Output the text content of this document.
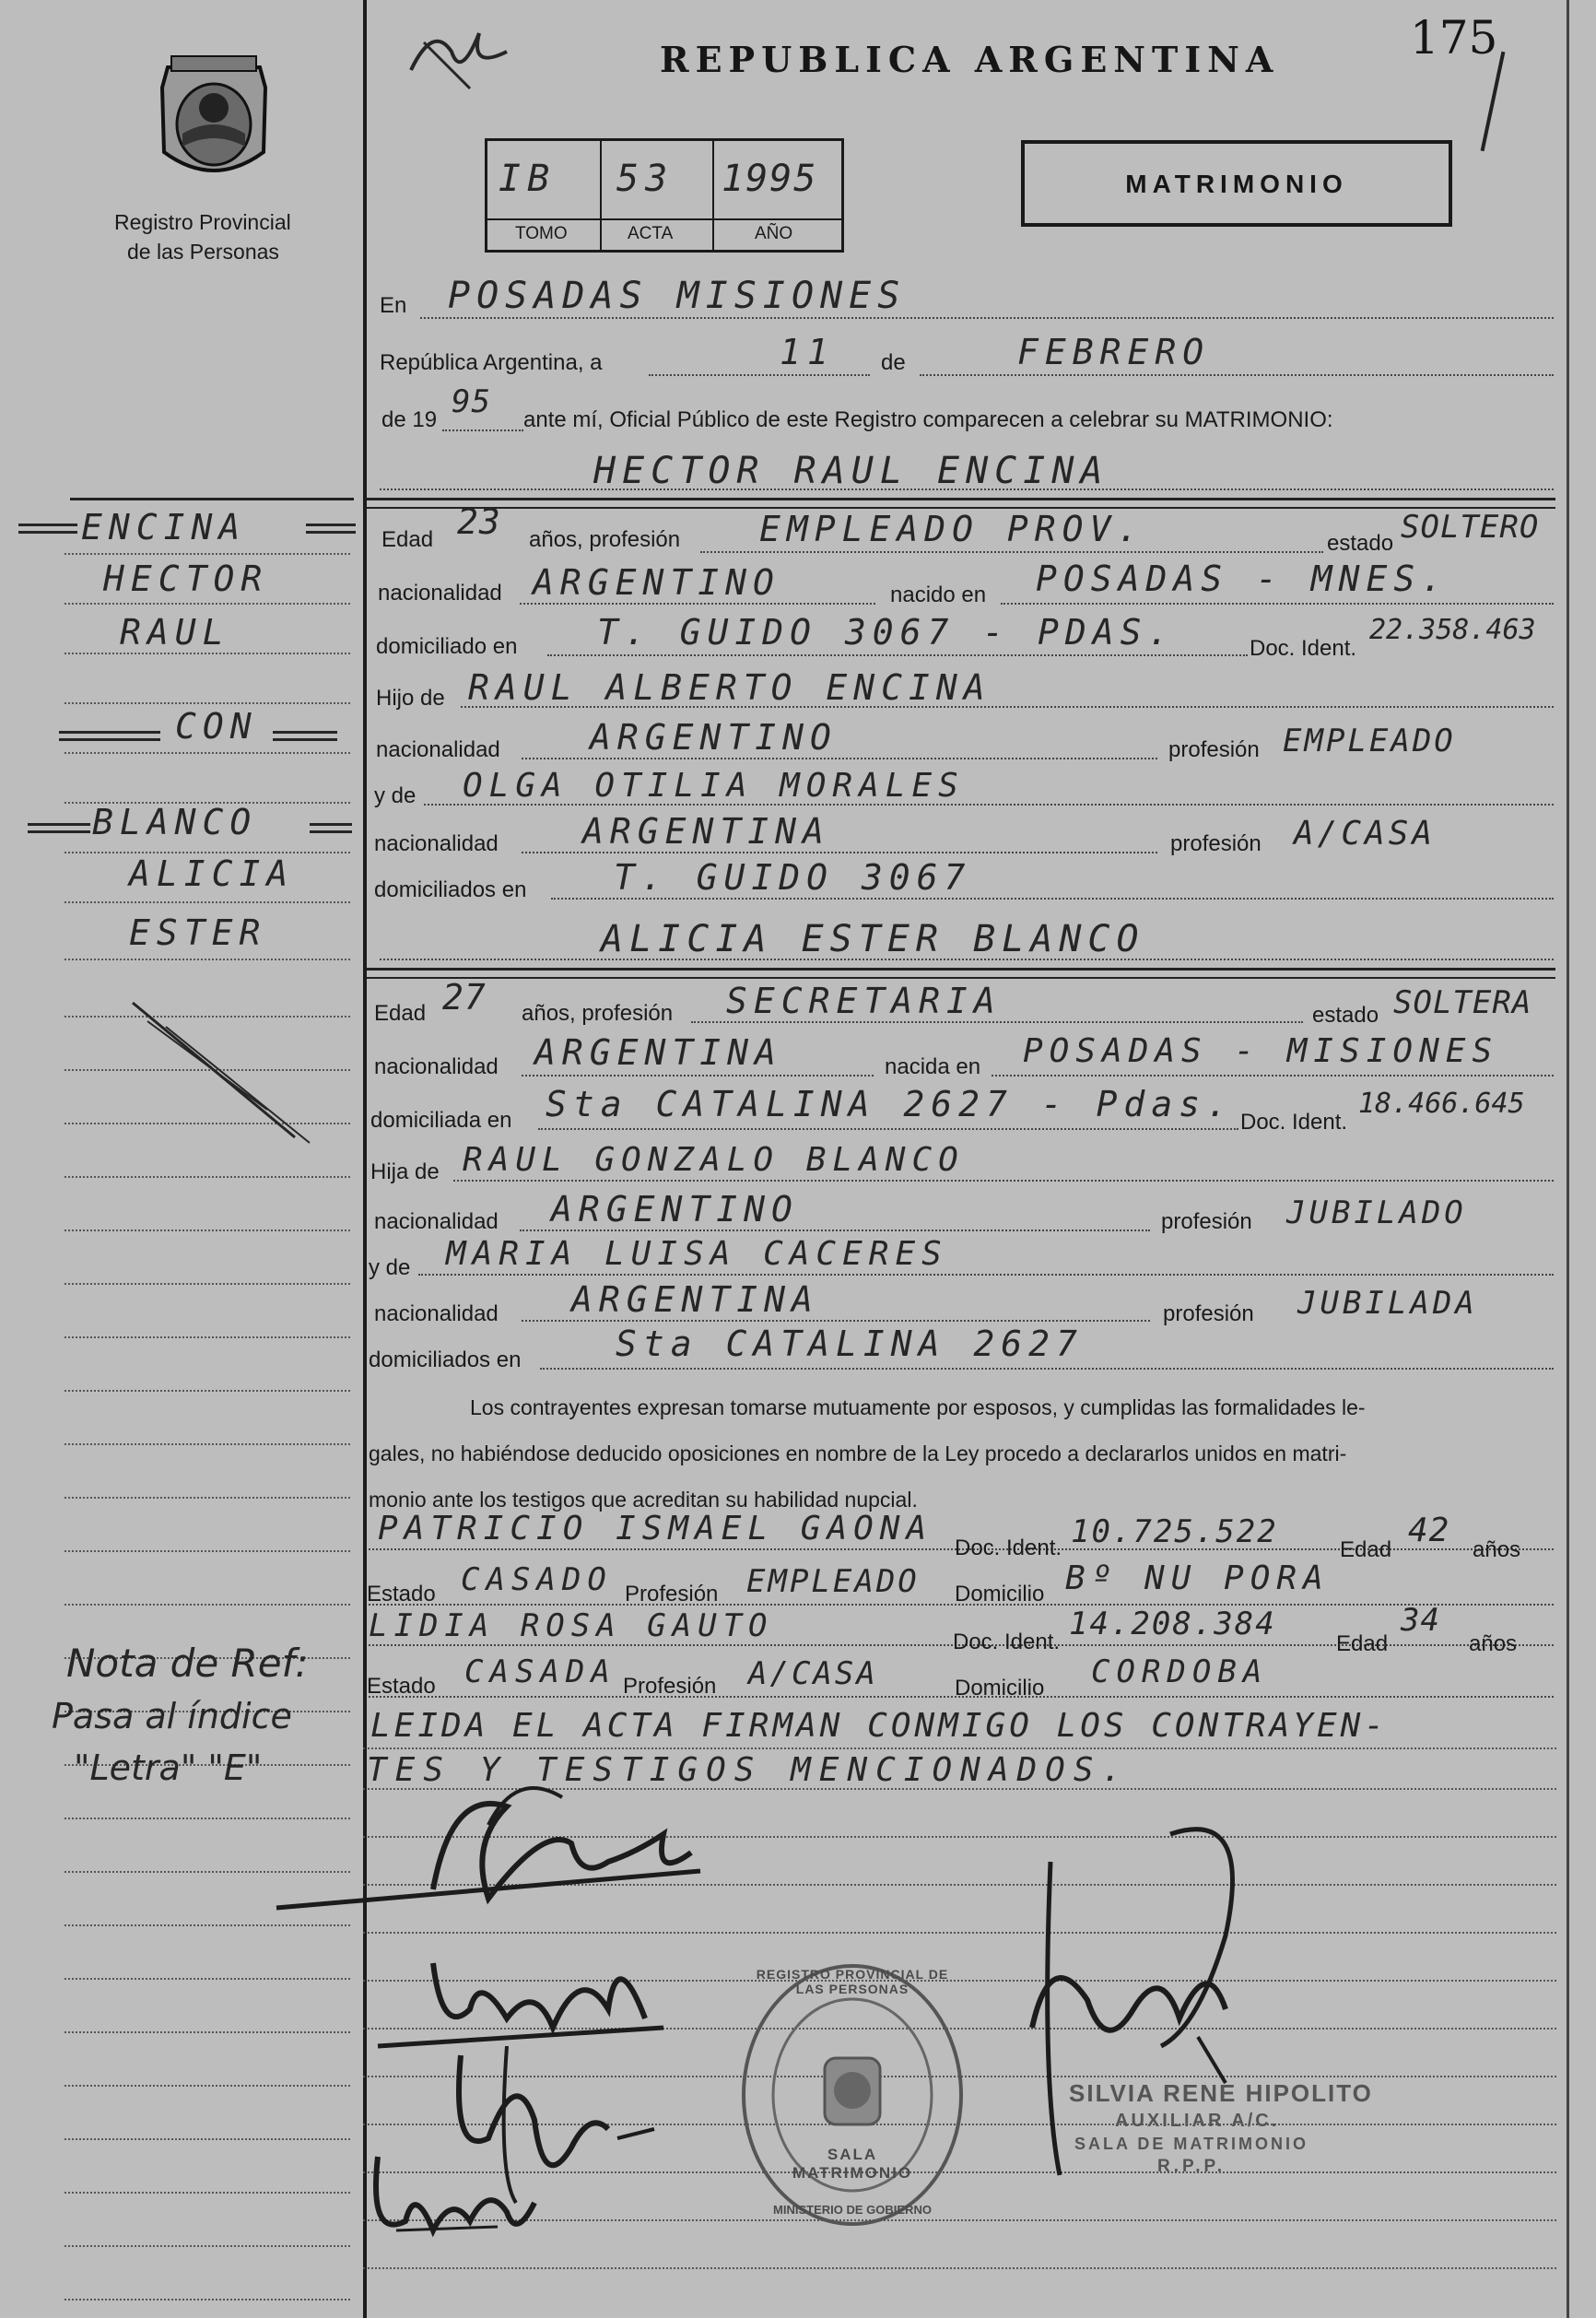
Registro Provincial
de las Personas
REPUBLICA ARGENTINA	175
IB 53 1995
TOMO	ACTA	AÑO
MATRIMONIO
ENCINA
HECTOR
RAUL
CON
BLANCO
ALICIA
ESTER
Nota de Ref:
Pasa al índice
"Letra" "E"
En POSADAS MISIONES
República Argentina, a	11 de	FEBRERO
de 19 95 ante mí, Oficial Público de este Registro comparecen a celebrar su MATRIMONIO:
HECTOR RAUL ENCINA
Edad 23 años, profesión EMPLEADO PROV.	estado SOLTERO
nacionalidad ARGENTINO	nacido en POSADAS - MNES.
domiciliado en T. GUIDO 3067 - PDAS.	Doc. Ident.
22.358.463
Hijo de RAUL ALBERTO ENCINA
nacionalidad	ARGENTINO	profesión EMPLEADO
y de OLGA OTILIA MORALES
nacionalidad ARGENTINA	profesión A/CASA
domiciliados en T. GUIDO 3067
ALICIA ESTER BLANCO
Edad 27 años, profesión SECRETARIA	estado SOLTERA
nacionalidad ARGENTINA	nacida en POSADAS - MISIONES
domiciliada en Sta CATALINA 2627 - Pdas. Doc. Ident.
18.466.645
Hija de RAUL GONZALO BLANCO
nacionalidad ARGENTINO	profesión JUBILADO
y de MARIA LUISA CACERES
nacionalidad ARGENTINA	profesión JUBILADA
domiciliados en	Sta CATALINA 2627
Los contrayentes expresan tomarse mutuamente por esposos, y cumplidas las formalidades le-
gales, no habiéndose deducido oposiciones en nombre de la Ley procedo a declararlos unidos en matri-
monio ante los testigos que acreditan su habilidad nupcial.
PATRICIO ISMAEL GAONA
Doc. Ident. 10.725.522	Edad
42
años
Estado CASADO Profesión EMPLEADO Domicilio Bº NU PORA
LIDIA ROSA GAUTO	Doc. Ident. 14.208.384
Edad
34
años
Estado CASADA Profesión A/CASA	Domicilio CORDOBA
LEIDA EL ACTA FIRMAN CONMIGO LOS CONTRAYEN-
TES Y TESTIGOS MENCIONADOS.
REGISTRO PROVINCIAL DE LAS PERSONAS
SALA MATRIMONIO
MINISTERIO DE GOBIERNO
SILVIA RENE HIPOLITO
AUXILIAR A/C.
SALA DE MATRIMONIO
R.P.P.
